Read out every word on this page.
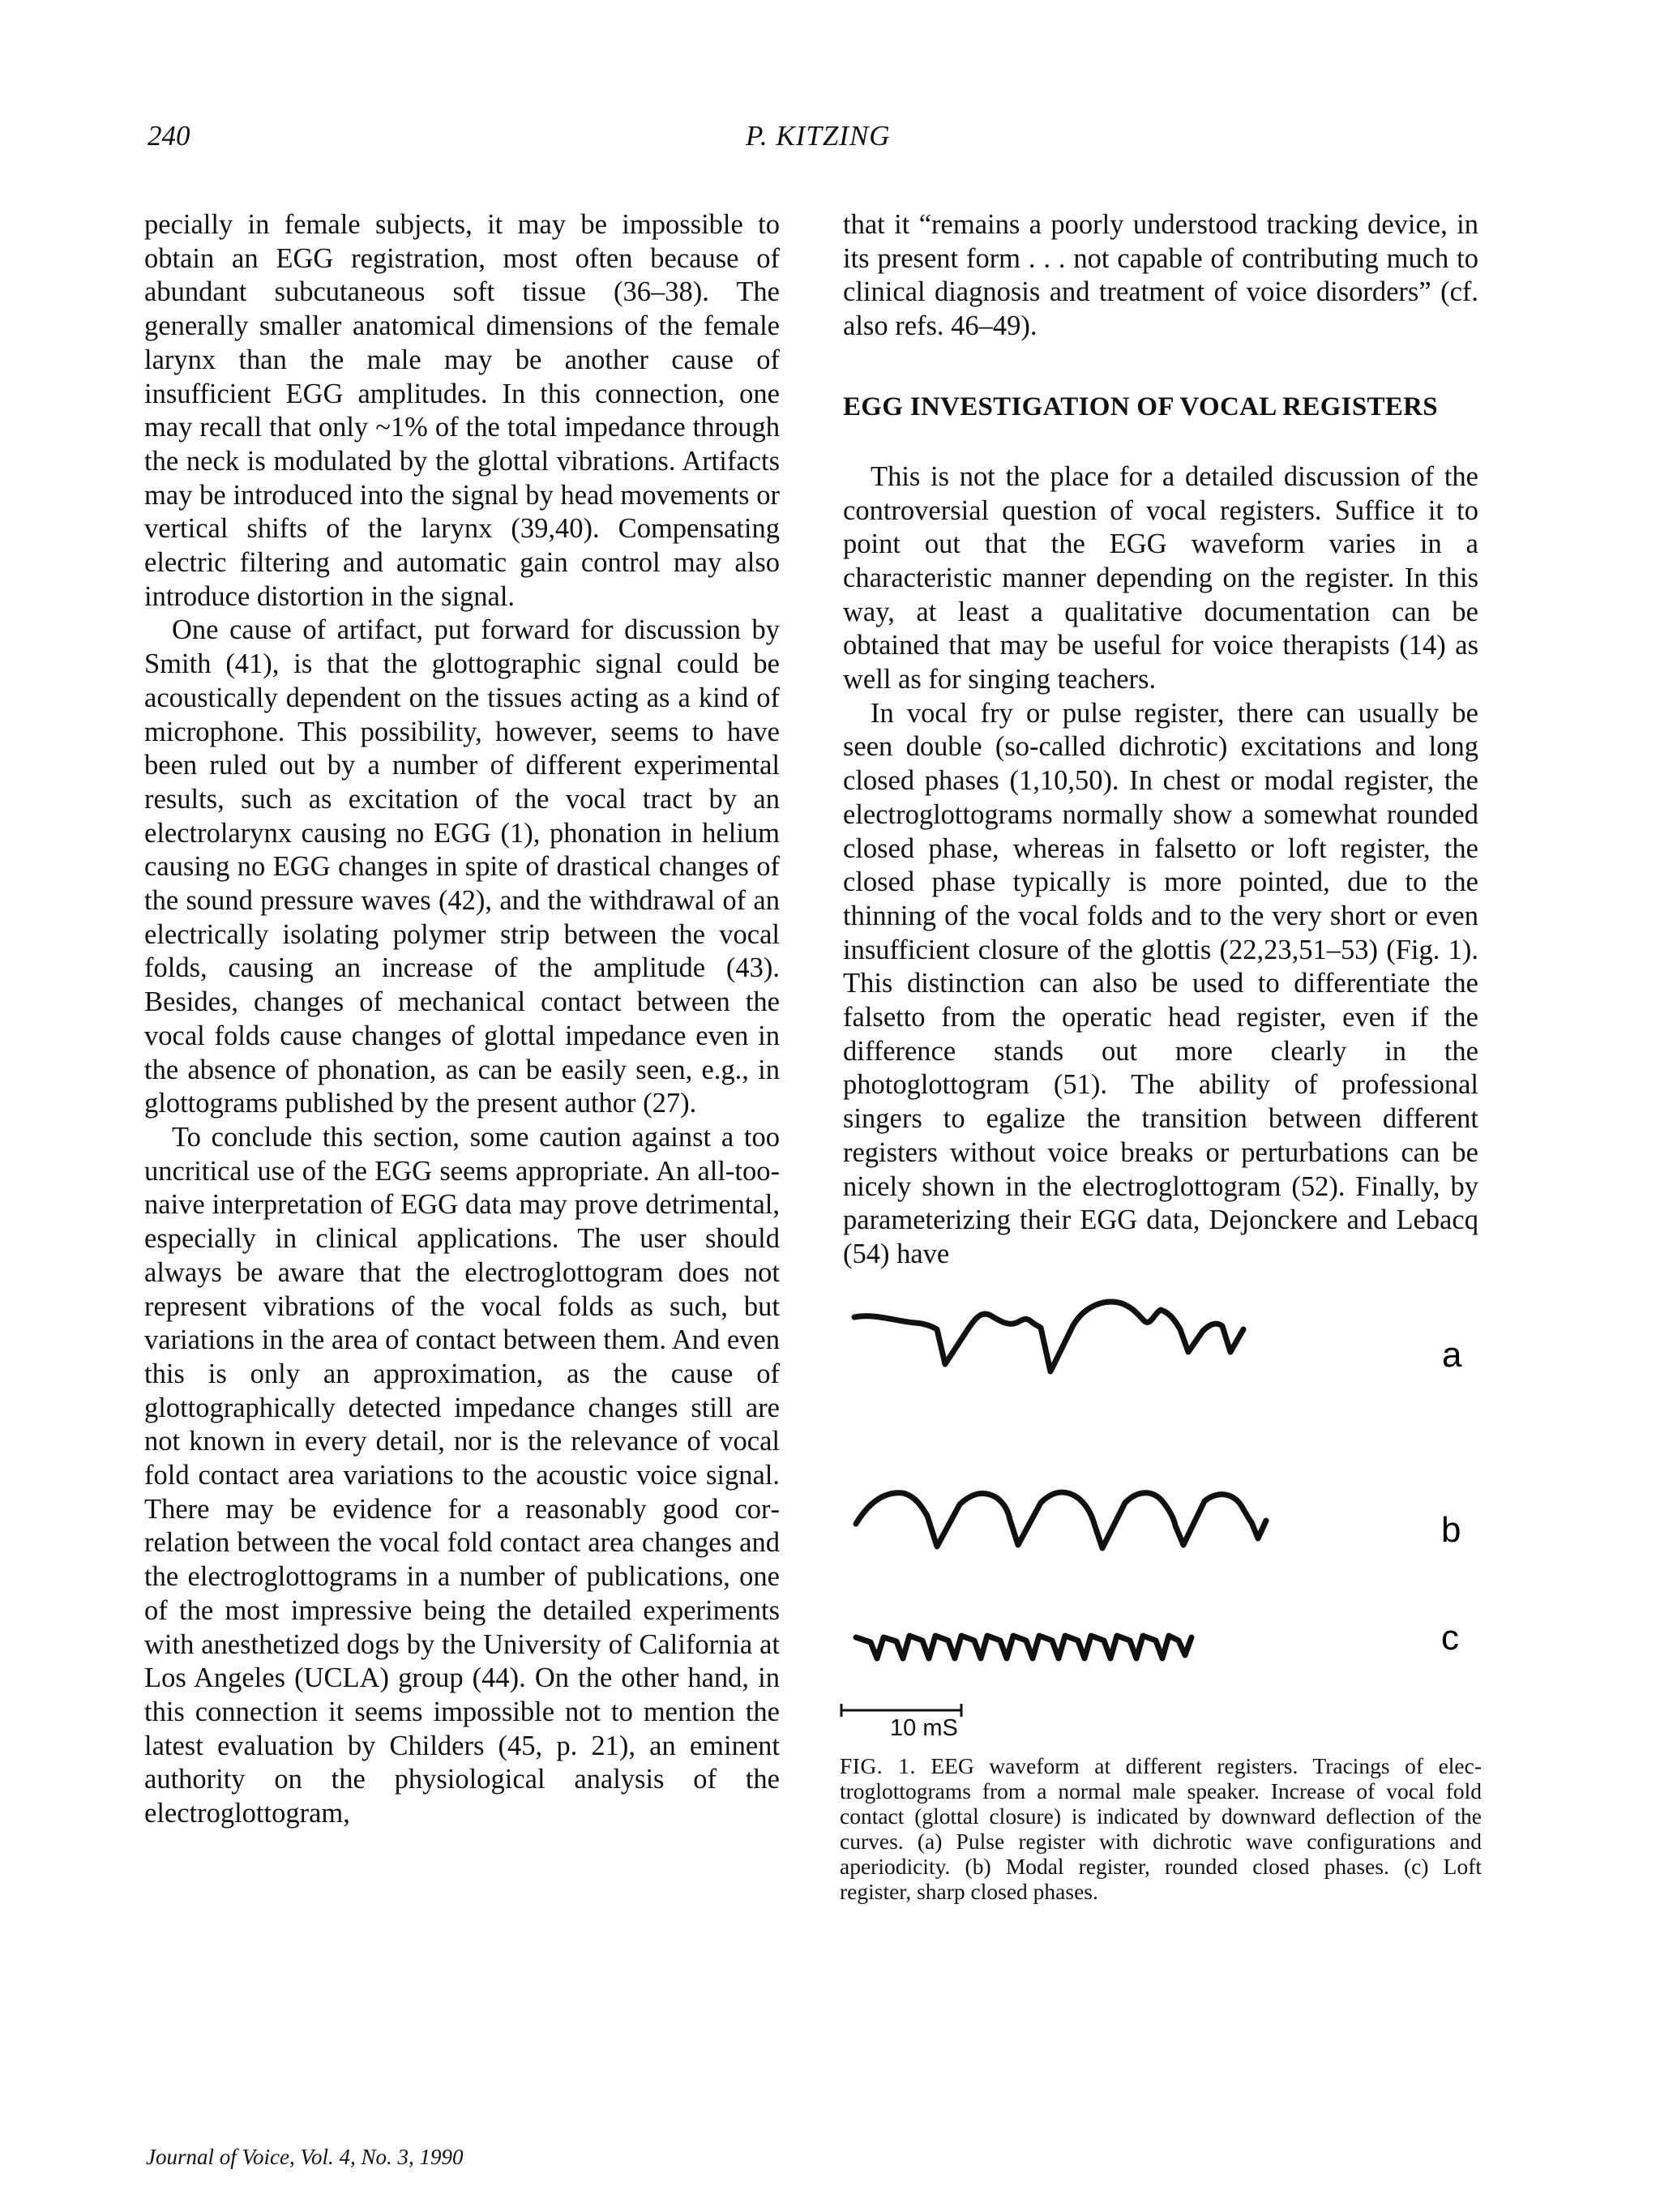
240	P. KITZING

pecially in female subjects, it may be impossible to obtain an EGG registration, most often because of abundant subcutaneous soft tissue (36–38). The generally smaller anatomical dimensions of the female larynx than the male may be another cause of insufficient EGG amplitudes. In this connection, one may recall that only ~1% of the total impedance through the neck is modulated by the glottal vibrations. Artifacts may be introduced into the signal by head movements or vertical shifts of the larynx (39,40). Compensating electric filtering and automatic gain control may also introduce distortion in the signal.

One cause of artifact, put forward for discussion by Smith (41), is that the glottographic signal could be acoustically dependent on the tissues acting as a kind of microphone. This possibility, however, seems to have been ruled out by a number of different experimental results, such as excitation of the vocal tract by an electrolarynx causing no EGG (1), phonation in helium causing no EGG changes in spite of drastical changes of the sound pressure waves (42), and the withdrawal of an electrically isolating polymer strip between the vocal folds, causing an increase of the amplitude (43). Besides, changes of mechanical contact between the vocal folds cause changes of glottal impedance even in the absence of phonation, as can be easily seen, e.g., in glottograms published by the present author (27).

To conclude this section, some caution against a too uncritical use of the EGG seems appropriate. An all-too-naive interpretation of EGG data may prove detrimental, especially in clinical applications. The user should always be aware that the electroglottogram does not represent vibrations of the vocal folds as such, but variations in the area of contact between them. And even this is only an approximation, as the cause of glottographically detected impedance changes still are not known in every detail, nor is the relevance of vocal fold contact area variations to the acoustic voice signal. There may be evidence for a reasonably good correlation between the vocal fold contact area changes and the electroglottograms in a number of publications, one of the most impressive being the detailed experiments with anesthetized dogs by the University of California at Los Angeles (UCLA) group (44). On the other hand, in this connection it seems impossible not to mention the latest evaluation by Childers (45, p. 21), an eminent authority on the physiological analysis of the electroglottogram,

that it “remains a poorly understood tracking device, in its present form . . . not capable of contributing much to clinical diagnosis and treatment of voice disorders” (cf. also refs. 46–49).

EGG INVESTIGATION OF VOCAL REGISTERS

This is not the place for a detailed discussion of the controversial question of vocal registers. Suffice it to point out that the EGG waveform varies in a characteristic manner depending on the register. In this way, at least a qualitative documentation can be obtained that may be useful for voice therapists (14) as well as for singing teachers.

In vocal fry or pulse register, there can usually be seen double (so-called dichrotic) excitations and long closed phases (1,10,50). In chest or modal register, the electroglottograms normally show a somewhat rounded closed phase, whereas in falsetto or loft register, the closed phase typically is more pointed, due to the thinning of the vocal folds and to the very short or even insufficient closure of the glottis (22,23,51–53) (Fig. 1). This distinction can also be used to differentiate the falsetto from the operatic head register, even if the difference stands out more clearly in the photoglottogram (51). The ability of professional singers to egalize the transition between different registers without voice breaks or perturbations can be nicely shown in the electroglottogram (52). Finally, by parameterizing their EGG data, Dejonckere and Lebacq (54) have

a
b
c
10 mS

FIG. 1. EEG waveform at different registers. Tracings of electroglottograms from a normal male speaker. Increase of vocal fold contact (glottal closure) is indicated by downward deflection of the curves. (a) Pulse register with dichrotic wave configurations and aperiodicity. (b) Modal register, rounded closed phases. (c) Loft register, sharp closed phases.

Journal of Voice, Vol. 4, No. 3, 1990
